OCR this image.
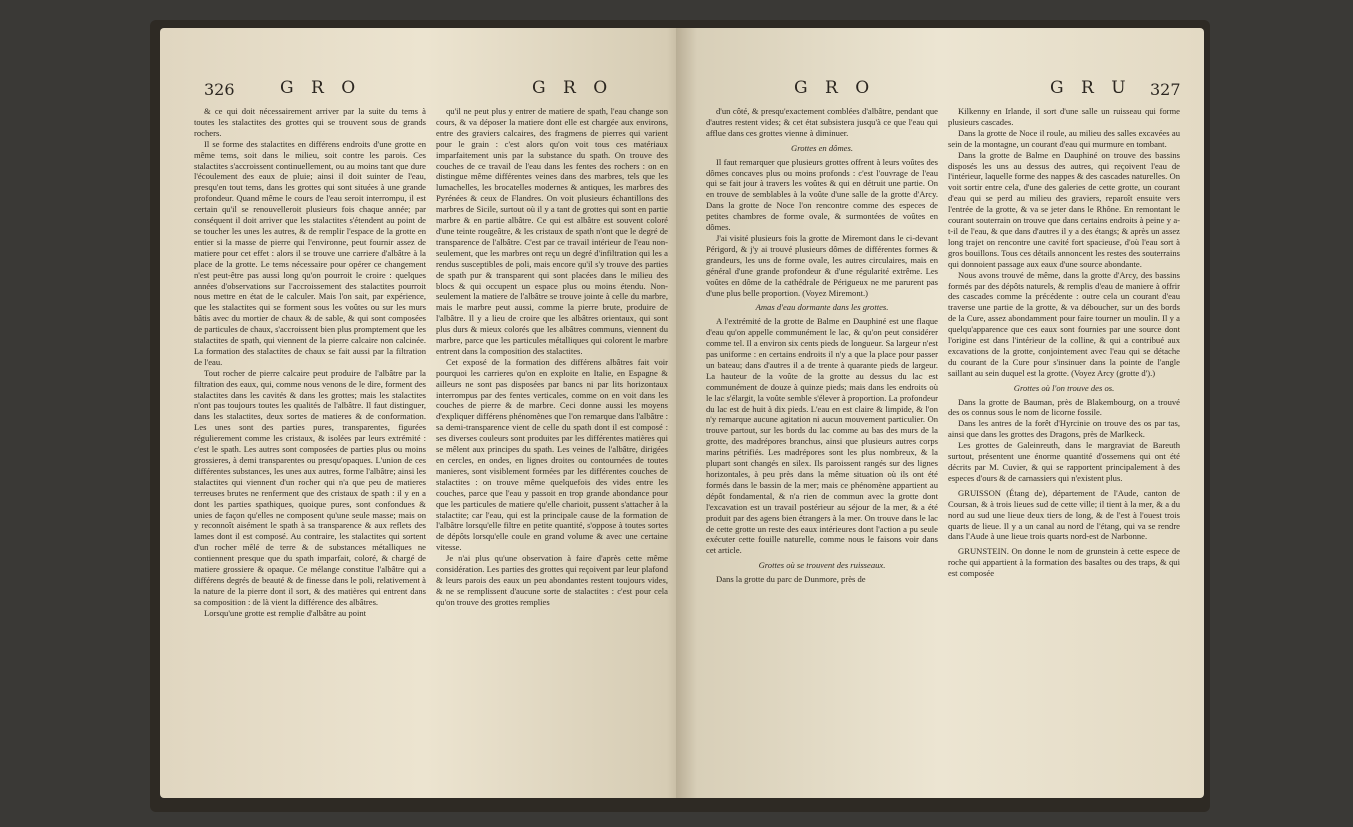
326	G R O	G R O

& ce qui doit nécessairement arriver par la suite du tems à toutes les stalactites des grottes qui se trouvent sous de grands rochers.

Il se forme des stalactites en différens endroits d'une grotte en même tems, soit dans le milieu, soit contre les parois. Ces stalactites s'accroissent continuellement, ou au moins tant que dure l'écoulement des eaux de pluie; ainsi il doit suinter de l'eau, presqu'en tout tems, dans les grottes qui sont situées à une grande profondeur. Quand même le cours de l'eau seroit interrompu, il est certain qu'il se renouvelleroit plusieurs fois chaque année; par conséquent il doit arriver que les stalactites s'étendent au point de se toucher les unes les autres, & de remplir l'espace de la grotte en entier si la masse de pierre qui l'environne, peut fournir assez de matiere pour cet effet : alors il se trouve une carriere d'albâtre à la place de la grotte. Le tems nécessaire pour opérer ce changement n'est peut-être pas aussi long qu'on pourroit le croire : quelques années d'observations sur l'accroissement des stalactites pourroit nous mettre en état de le calculer. Mais l'on sait, par expérience, que les stalactites qui se forment sous les voûtes ou sur les murs bâtis avec du mortier de chaux & de sable, & qui sont composées de particules de chaux, s'accroissent bien plus promptement que les stalactites de spath, qui viennent de la pierre calcaire non calcinée. La formation des stalactites de chaux se fait aussi par la filtration de l'eau.

Tout rocher de pierre calcaire peut produire de l'albâtre par la filtration des eaux, qui, comme nous venons de le dire, forment des stalactites dans les cavités & dans les grottes; mais les stalactites n'ont pas toujours toutes les qualités de l'albâtre. Il faut distinguer, dans les stalactites, deux sortes de matieres & de conformation. Les unes sont des parties pures, transparentes, figurées régulierement comme les cristaux, & isolées par leurs extrémité : c'est le spath. Les autres sont composées de parties plus ou moins grossieres, à demi transparentes ou presqu'opaques. L'union de ces différentes substances, les unes aux autres, forme l'albâtre; ainsi les stalactites qui viennent d'un rocher qui n'a que peu de matieres terreuses brutes ne renferment que des cristaux de spath : il y en a dont les parties spathiques, quoique pures, sont confondues & unies de façon qu'elles ne composent qu'une seule masse; mais on y reconnoît aisément le spath à sa transparence & aux reflets des lames dont il est composé. Au contraire, les stalactites qui sortent d'un rocher mêlé de terre & de substances métalliques ne contiennent presque que du spath imparfait, coloré, & chargé de matiere grossiere & opaque. Ce mélange constitue l'albâtre qui a différens degrés de beauté & de finesse dans le poli, relativement à la nature de la pierre dont il sort, & des matières qui entrent dans sa composition : de là vient la différence des albâtres.

Lorsqu'une grotte est remplie d'albâtre au point

qu'il ne peut plus y entrer de matiere de spath, l'eau change son cours, & va déposer la matiere dont elle est chargée aux environs, entre des graviers calcaires, des fragmens de pierres qui varient pour le grain : c'est alors qu'on voit tous ces matériaux imparfaitement unis par la substance du spath. On trouve des couches de ce travail de l'eau dans les fentes des rochers : on en distingue même différentes veines dans des marbres, tels que les lumachelles, les brocatelles modernes & antiques, les marbres des Pyrénées & ceux de Flandres. On voit plusieurs échantillons des marbres de Sicile, surtout où il y a tant de grottes qui sont en partie marbre & en partie albâtre. Ce qui est albâtre est souvent coloré d'une teinte rougeâtre, & les cristaux de spath n'ont que le degré de transparence de l'albâtre. C'est par ce travail intérieur de l'eau non-seulement, que les marbres ont reçu un degré d'infiltration qui les a rendus susceptibles de poli, mais encore qu'il s'y trouve des parties de spath pur & transparent qui sont placées dans le milieu des blocs & qui occupent un espace plus ou moins étendu. Non-seulement la matiere de l'albâtre se trouve jointe à celle du marbre, mais le marbre peut aussi, comme la pierre brute, produire de l'albâtre. Il y a lieu de croire que les albâtres orientaux, qui sont plus durs & mieux colorés que les albâtres communs, viennent du marbre, parce que les particules métalliques qui colorent le marbre entrent dans la composition des stalactites.

Cet exposé de la formation des différens albâtres fait voir pourquoi les carrieres qu'on en exploite en Italie, en Espagne & ailleurs ne sont pas disposées par bancs ni par lits horizontaux interrompus par des fentes verticales, comme on en voit dans les couches de pierre & de marbre. Ceci donne aussi les moyens d'expliquer différens phénomènes que l'on remarque dans l'albâtre : sa demi-transparence vient de celle du spath dont il est composé : ses diverses couleurs sont produites par les différentes matières qui se mêlent aux principes du spath. Les veines de l'albâtre, dirigées en cercles, en ondes, en lignes droites ou contournées de toutes manieres, sont visiblement formées par les différentes couches de stalactites : on trouve même quelquefois des vides entre les couches, parce que l'eau y passoit en trop grande abondance pour que les particules de matiere qu'elle charioit, pussent s'attacher à la stalactite; car l'eau, qui est la principale cause de la formation de l'albâtre lorsqu'elle filtre en petite quantité, s'oppose à toutes sortes de dépôts lorsqu'elle coule en grand volume & avec une certaine vitesse.

Je n'ai plus qu'une observation à faire d'après cette même considération. Les parties des grottes qui reçoivent par leur plafond & leurs parois des eaux un peu abondantes restent toujours vides, & ne se remplissent d'aucune sorte de stalactites : c'est pour cela qu'on trouve des grottes remplies

G R O	G R U 327

d'un côté, & presqu'exactement comblées d'albâtre, pendant que d'autres restent vides; & cet état subsistera jusqu'à ce que l'eau qui afflue dans ces grottes vienne à diminuer.

Grottes en dômes.

Il faut remarquer que plusieurs grottes offrent à leurs voûtes des dômes concaves plus ou moins profonds : c'est l'ouvrage de l'eau qui se fait jour à travers les voûtes & qui en détruit une partie. On en trouve de semblables à la voûte d'une salle de la grotte d'Arcy. Dans la grotte de Noce l'on rencontre comme des especes de petites chambres de forme ovale, & surmontées de voûtes en dômes.

J'ai visité plusieurs fois la grotte de Miremont dans le ci-devant Périgord, & j'y ai trouvé plusieurs dômes de différentes formes & grandeurs, les uns de forme ovale, les autres circulaires, mais en général d'une grande profondeur & d'une régularité extrême. Les voûtes en dôme de la cathédrale de Périgueux ne me parurent pas d'une plus belle proportion. (Voyez Miremont.)

Amas d'eau dormante dans les grottes.

A l'extrémité de la grotte de Balme en Dauphiné est une flaque d'eau qu'on appelle communément le lac, & qu'on peut considérer comme tel. Il a environ six cents pieds de longueur. Sa largeur n'est pas uniforme : en certains endroits il n'y a que la place pour passer un bateau; dans d'autres il a de trente à quarante pieds de largeur. La hauteur de la voûte de la grotte au dessus du lac est communément de douze à quinze pieds; mais dans les endroits où le lac s'élargit, la voûte semble s'élever à proportion. La profondeur du lac est de huit à dix pieds. L'eau en est claire & limpide, & l'on n'y remarque aucune agitation ni aucun mouvement particulier. On trouve partout, sur les bords du lac comme au bas des murs de la grotte, des madrépores branchus, ainsi que plusieurs autres corps marins pétrifiés. Les madrépores sont les plus nombreux, & la plupart sont changés en silex. Ils paroissent rangés sur des lignes horizontales, à peu près dans la même situation où ils ont été formés dans le bassin de la mer; mais ce phénomène appartient au dépôt fondamental, & n'a rien de commun avec la grotte dont l'excavation est un travail postérieur au séjour de la mer, & a été produit par des agens bien étrangers à la mer. On trouve dans le lac de cette grotte un reste des eaux intérieures dont l'action a pu seule exécuter cette fouille naturelle, comme nous le faisons voir dans cet article.

Grottes où se trouvent des ruisseaux.

Dans la grotte du parc de Dunmore, près de

Kilkenny en Irlande, il sort d'une salle un ruisseau qui forme plusieurs cascades.

Dans la grotte de Noce il roule, au milieu des salles excavées au sein de la montagne, un courant d'eau qui murmure en tombant.

Dans la grotte de Balme en Dauphiné on trouve des bassins disposés les uns au dessus des autres, qui reçoivent l'eau de l'intérieur, laquelle forme des nappes & des cascades naturelles. On voit sortir entre cela, d'une des galeries de cette grotte, un courant d'eau qui se perd au milieu des graviers, reparoît ensuite vers l'entrée de la grotte, & va se jeter dans le Rhône. En remontant le courant souterrain on trouve que dans certains endroits à peine y a-t-il de l'eau, & que dans d'autres il y a des étangs; & après un assez long trajet on rencontre une cavité fort spacieuse, d'où l'eau sort à gros bouillons. Tous ces détails annoncent les restes des souterrains qui donnoient passage aux eaux d'une source abondante.

Nous avons trouvé de même, dans la grotte d'Arcy, des bassins formés par des dépôts naturels, & remplis d'eau de maniere à offrir des cascades comme la précédente : outre cela un courant d'eau traverse une partie de la grotte, & va déboucher, sur un des bords de la Cure, assez abondamment pour faire tourner un moulin. Il y a quelqu'apparence que ces eaux sont fournies par une source dont l'origine est dans l'intérieur de la colline, & qui a contribué aux excavations de la grotte, conjointement avec l'eau qui se détache du courant de la Cure pour s'insinuer dans la pointe de l'angle saillant au sein duquel est la grotte. (Voyez Arcy (grotte d').)

Grottes où l'on trouve des os.

Dans la grotte de Bauman, près de Blakembourg, on a trouvé des os connus sous le nom de licorne fossile.

Dans les antres de la forêt d'Hyrcinie on trouve des os par tas, ainsi que dans les grottes des Dragons, près de Marlkeck.

Les grottes de Galeinreuth, dans le margraviat de Bareuth surtout, présentent une énorme quantité d'ossemens qui ont été décrits par M. Cuvier, & qui se rapportent principalement à des especes d'ours & de carnassiers qui n'existent plus.

GRUISSON (Étang de), département de l'Aude, canton de Coursan, & à trois lieues sud de cette ville; il tient à la mer, & a du nord au sud une lieue deux tiers de long, & de l'est à l'ouest trois quarts de lieue. Il y a un canal au nord de l'étang, qui va se rendre dans l'Aude à une lieue trois quarts nord-est de Narbonne.

GRUNSTEIN. On donne le nom de grunstein à cette espece de roche qui appartient à la formation des basaltes ou des traps, & qui est composée
